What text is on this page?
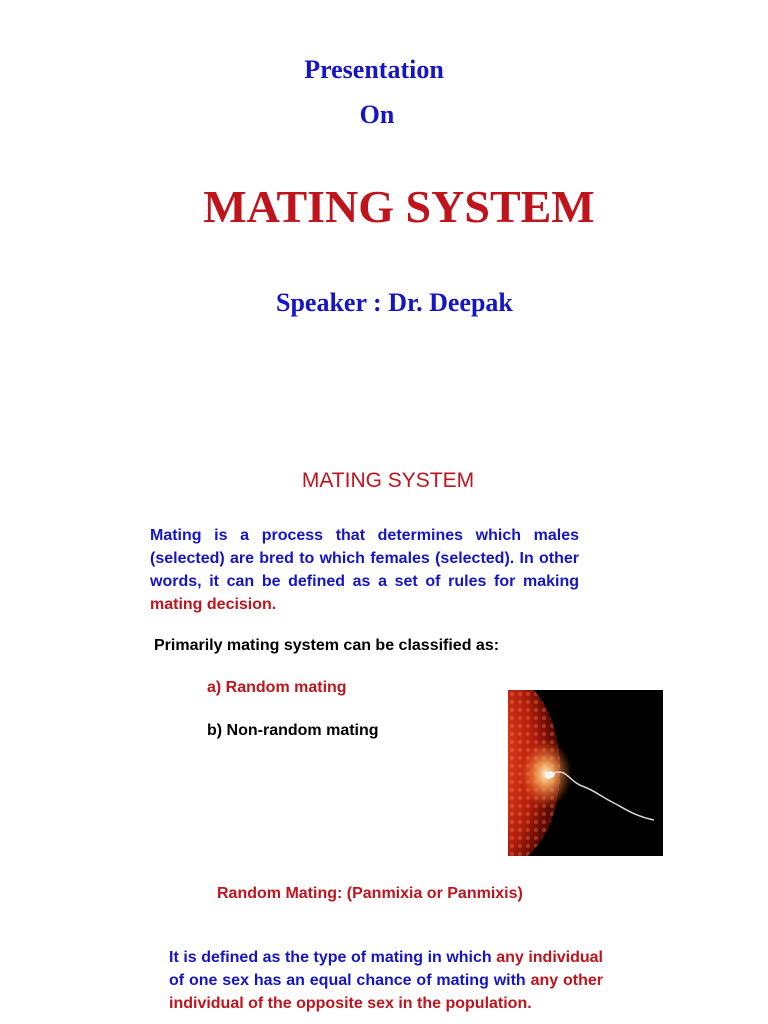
Presentation
On
MATING SYSTEM
Speaker : Dr. Deepak
MATING SYSTEM
Mating is a process that determines which males (selected) are bred to which females (selected). In other words, it can be defined as a set of rules for making mating decision.
Primarily mating system can be classified as:
a) Random mating
b) Non-random mating
Random Mating: (Panmixia or Panmixis)
It is defined as the type of mating in which any individual of one sex has an equal chance of mating with any other individual of the opposite sex in the population.
